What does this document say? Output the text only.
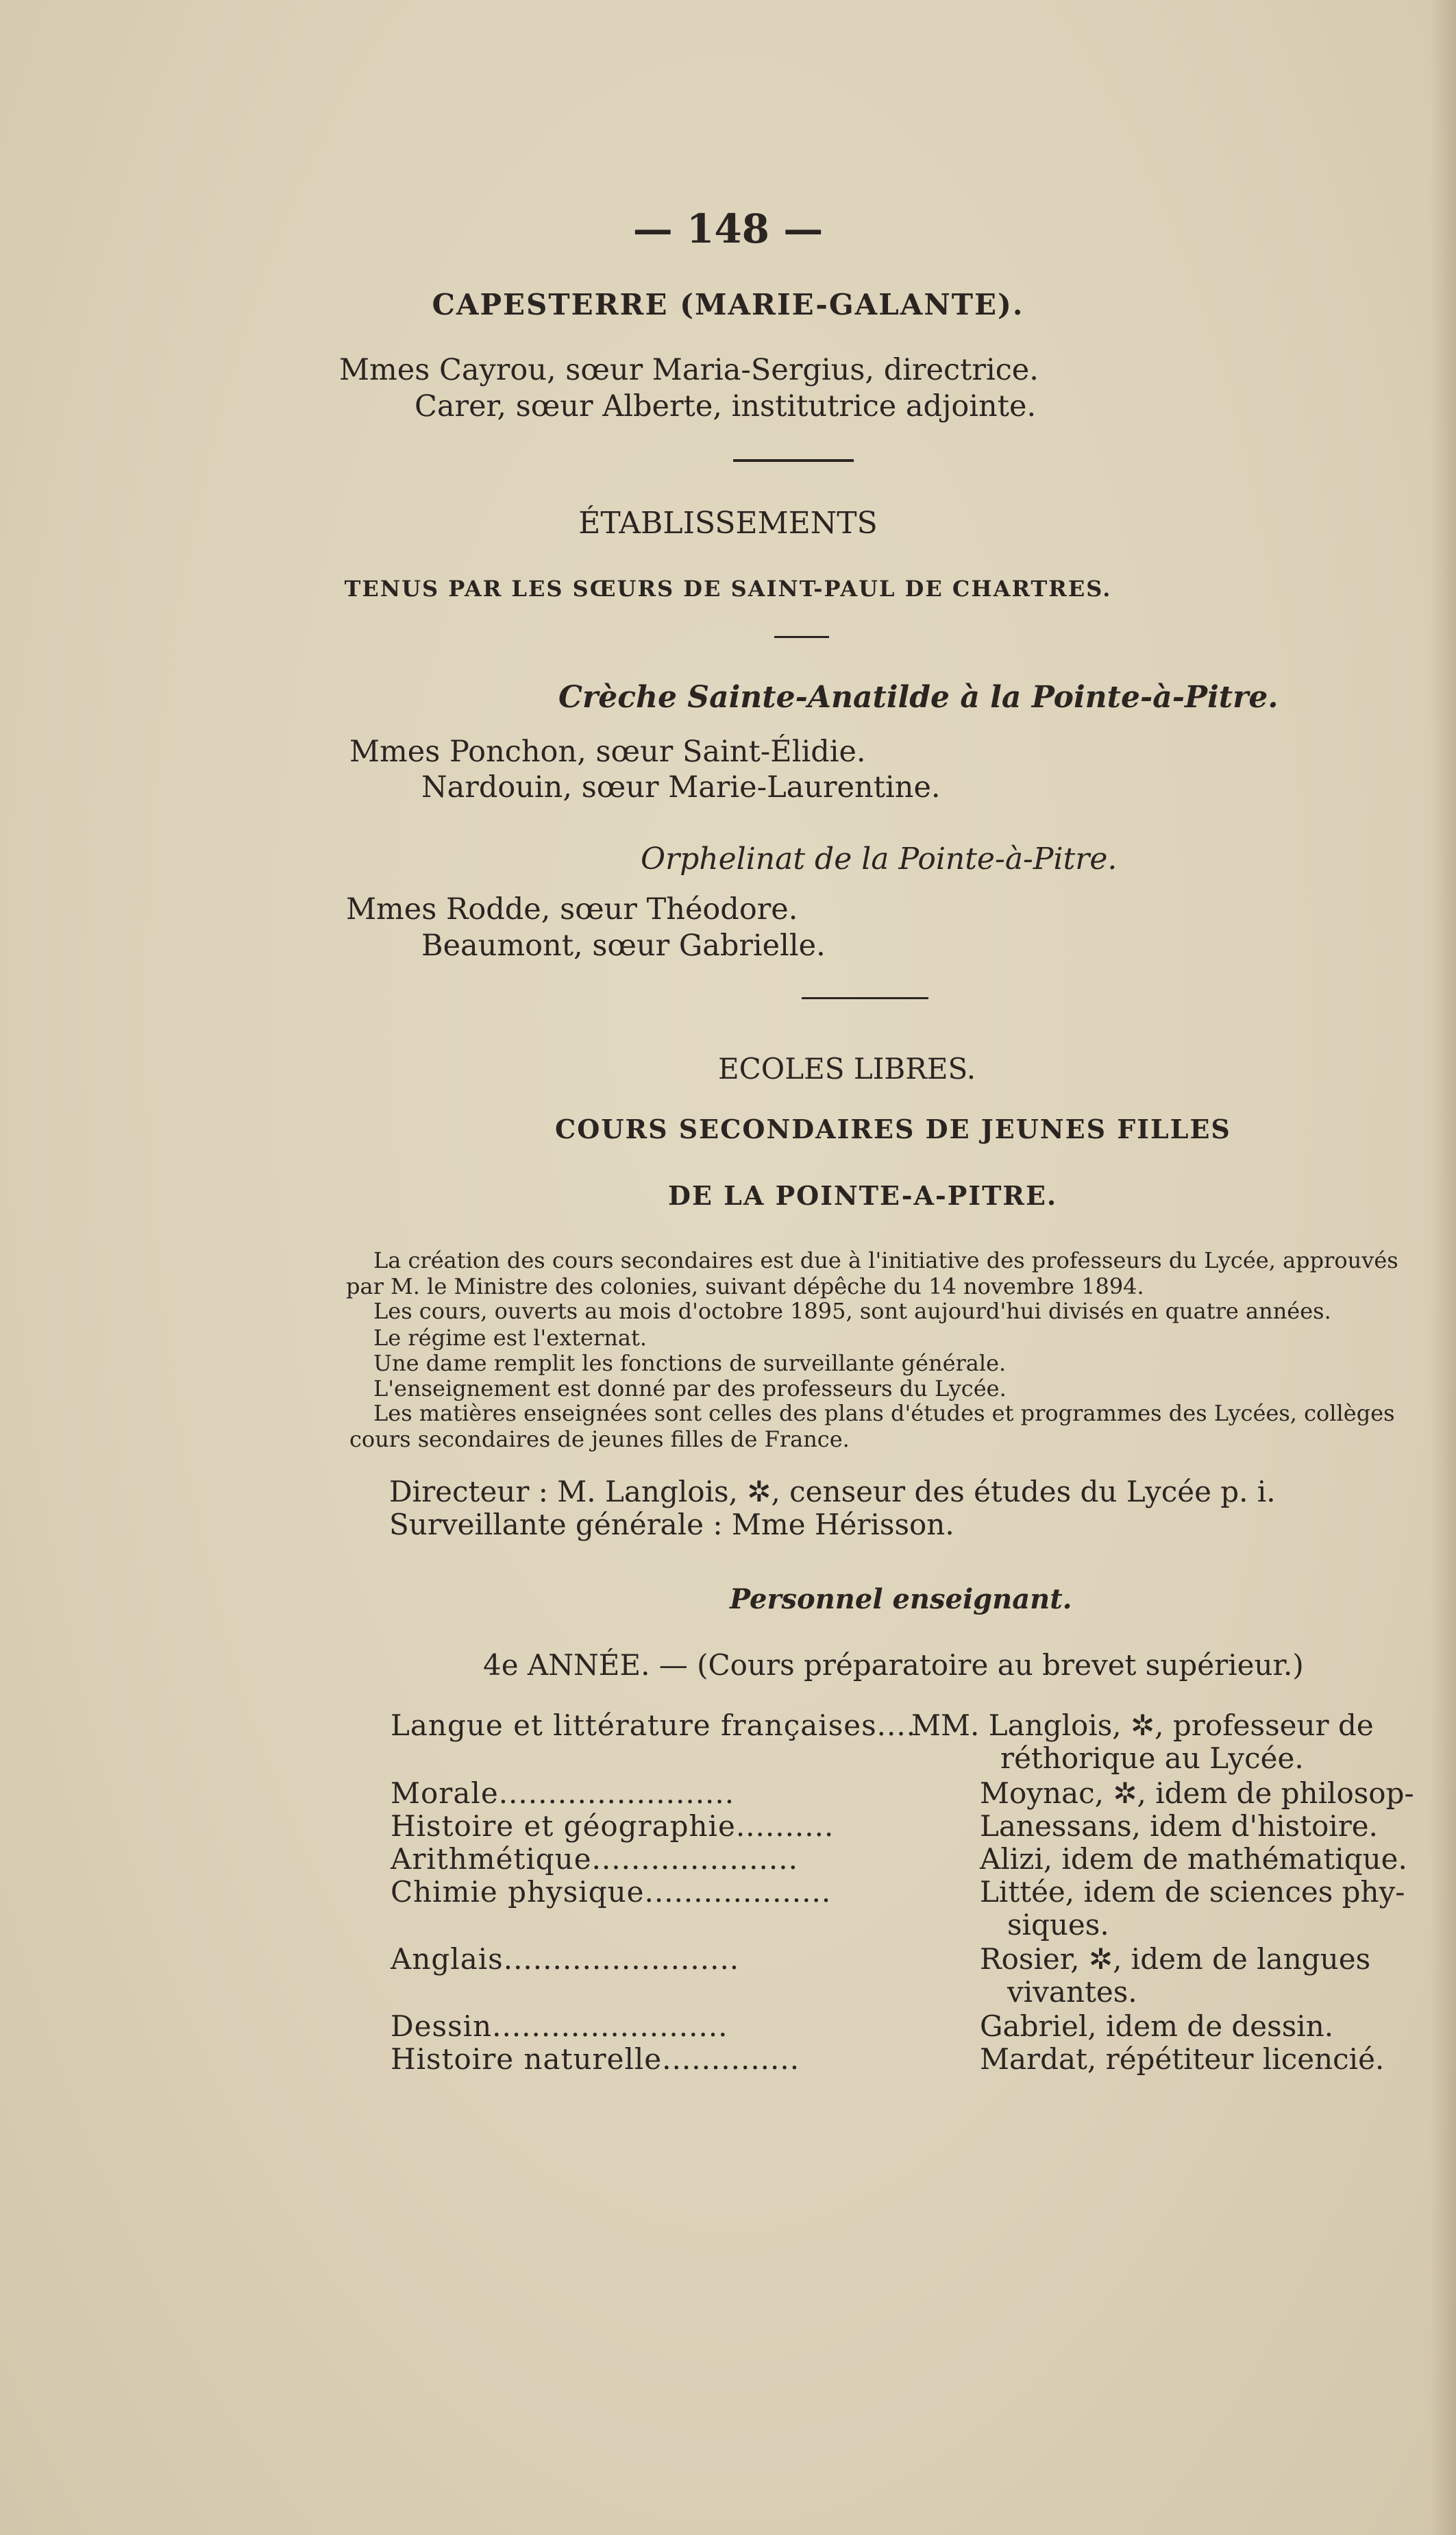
— 148 —
CAPESTERRE (MARIE-GALANTE).
Mmes Cayrou, sœur Maria-Sergius, directrice.
Carer, sœur Alberte, institutrice adjointe.
ÉTABLISSEMENTS
TENUS PAR LES SŒURS DE SAINT-PAUL DE CHARTRES.
Crèche Sainte-Anatilde à la Pointe-à-Pitre.
Mmes Ponchon, sœur Saint-Élidie.
Nardouin, sœur Marie-Laurentine.
Orphelinat de la Pointe-à-Pitre.
Mmes Rodde, sœur Théodore.
Beaumont, sœur Gabrielle.
ECOLES LIBRES.
COURS SECONDAIRES DE JEUNES FILLES
DE LA POINTE-A-PITRE.
La création des cours secondaires est due à l'initiative des professeurs du Lycée, approuvés
par M. le Ministre des colonies, suivant dépêche du 14 novembre 1894.
Les cours, ouverts au mois d'octobre 1895, sont aujourd'hui divisés en quatre années.
Le régime est l'externat.
Une dame remplit les fonctions de surveillante générale.
L'enseignement est donné par des professeurs du Lycée.
Les matières enseignées sont celles des plans d'études et programmes des Lycées, collèges
cours secondaires de jeunes filles de France.
Directeur : M. Langlois, ✲, censeur des études du Lycée p. i.
Surveillante générale : Mme Hérisson.
Personnel enseignant.
4e ANNÉE. — (Cours préparatoire au brevet supérieur.)
Langue et littérature françaises....
MM. Langlois, ✲, professeur de
réthorique au Lycée.
Morale........................	Moynac, ✲, idem de philosop-
Histoire et géographie..........	Lanessans, idem d'histoire.
Arithmétique.....................	Alizi, idem de mathématique.
Chimie physique...................	Littée, idem de sciences phy-
siques.
Anglais........................	Rosier, ✲, idem de langues
vivantes.
Dessin........................	Gabriel, idem de dessin.
Histoire naturelle..............	Mardat, répétiteur licencié.
